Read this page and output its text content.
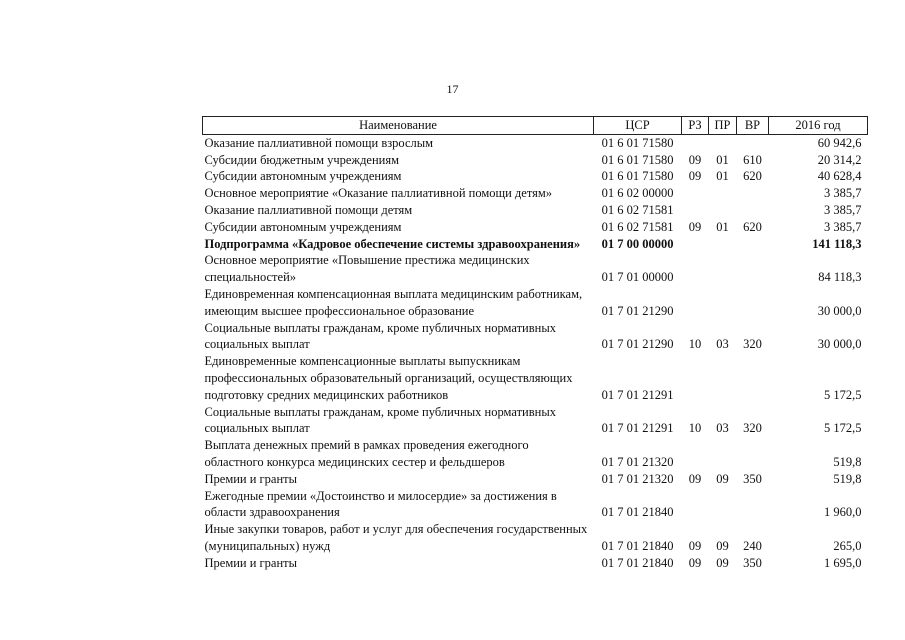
17
Наименование	ЦСР	РЗ	ПР	ВР	2016 год
Оказание паллиативной помощи взрослым	01 6 01 71580				60 942,6
Субсидии бюджетным учреждениям	01 6 01 71580	09	01	610	20 314,2
Субсидии автономным учреждениям	01 6 01 71580	09	01	620	40 628,4
Основное мероприятие «Оказание паллиативной помощи детям»	01 6 02 00000				3 385,7
Оказание паллиативной помощи детям	01 6 02 71581				3 385,7
Субсидии автономным учреждениям	01 6 02 71581	09	01	620	3 385,7
Подпрограмма «Кадровое обеспечение системы здравоохранения»	01 7 00 00000				141 118,3
Основное мероприятие «Повышение престижа медицинских специальностей»	01 7 01 00000				84 118,3
Единовременная компенсационная выплата медицинским работникам, имеющим высшее профессиональное образование	01 7 01 21290				30 000,0
Социальные выплаты гражданам, кроме публичных нормативных социальных выплат	01 7 01 21290	10	03	320	30 000,0
Единовременные компенсационные выплаты выпускникам профессиональных образовательный организаций, осуществляющих подготовку средних медицинских работников	01 7 01 21291				5 172,5
Социальные выплаты гражданам, кроме публичных нормативных социальных выплат	01 7 01 21291	10	03	320	5 172,5
Выплата денежных премий в рамках проведения ежегодного областного конкурса медицинских сестер и фельдшеров	01 7 01 21320				519,8
Премии и гранты	01 7 01 21320	09	09	350	519,8
Ежегодные премии «Достоинство и милосердие» за достижения в области здравоохранения	01 7 01 21840				1 960,0
Иные закупки товаров, работ и услуг для обеспечения государственных (муниципальных) нужд	01 7 01 21840	09	09	240	265,0
Премии и гранты	01 7 01 21840	09	09	350	1 695,0
